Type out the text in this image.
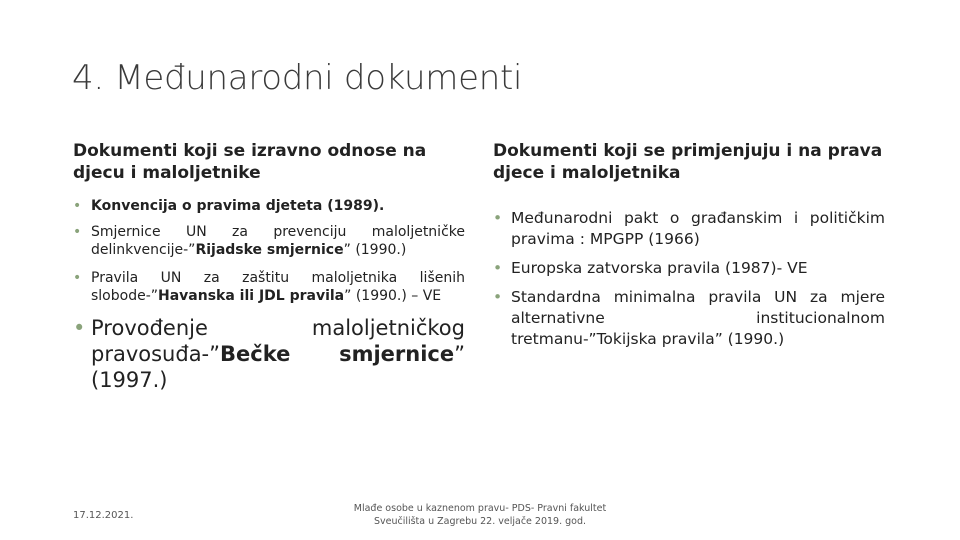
4. Međunarodni dokumenti
Dokumenti koji se izravno odnose na djecu i maloljetnike
• Konvencija o pravima djeteta (1989).
• Smjernice UN za prevenciju maloljetničke delinkvencije-”Rijadske smjernice” (1990.)
• Pravila UN za zaštitu maloljetnika lišenih slobode-”Havanska ili JDL pravila” (1990.) – VE
• Provođenje maloljetničkog pravosuđa-”Bečke smjernice” (1997.)
Dokumenti koji se primjenjuju i na prava djece i maloljetnika
• Međunarodni pakt o građanskim i političkim pravima : MPGPP (1966)
• Europska zatvorska pravila (1987)- VE
• Standardna minimalna pravila UN za mjere alternativne institucionalnom tretmanu-”Tokijska pravila” (1990.)
17.12.2021.
Mlađe osobe u kaznenom pravu- PDS- Pravni fakultet
Sveučilišta u Zagrebu 22. veljače 2019. god.
